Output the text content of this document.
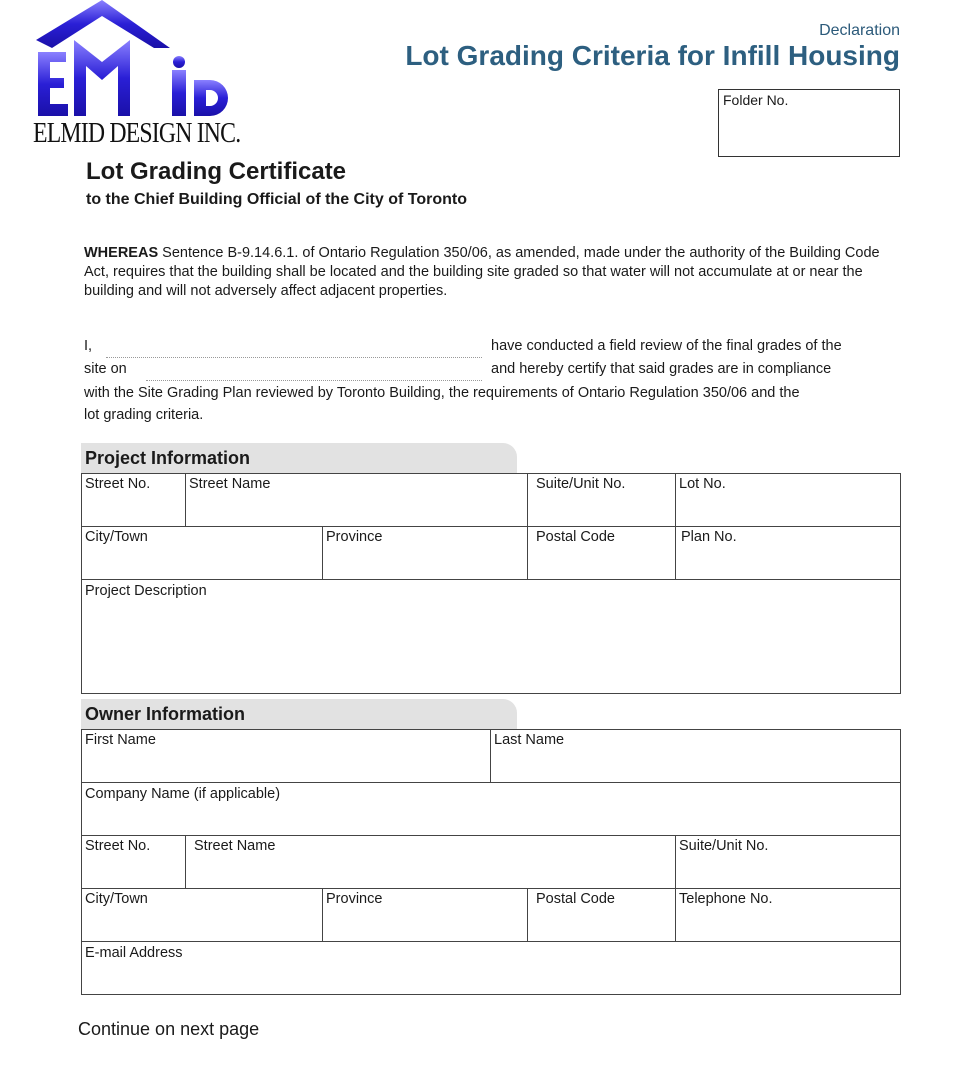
ELMID DESIGN INC.
Declaration
Lot Grading Criteria for Infill Housing
Folder No.
Lot Grading Certificate
to the Chief Building Official of the City of Toronto
WHEREAS Sentence B-9.14.6.1. of Ontario Regulation 350/06, as amended, made under the authority of the Building Code Act, requires that the building shall be located and the building site graded so that water will not accumulate at or near the building and will not adversely affect adjacent properties.
I,	have conducted a field review of the final grades of the
site on	and hereby certify that said grades are in compliance
with the Site Grading Plan reviewed by Toronto Building, the requirements of Ontario Regulation 350/06 and the
lot grading criteria.
Project Information
Street No.	Street Name	Suite/Unit No.	Lot No.
City/Town	Province	Postal Code	Plan No.
Project Description
Owner Information
First Name	Last Name
Company Name (if applicable)
Street No.	Street Name	Suite/Unit No.
City/Town	Province	Postal Code	Telephone No.
E-mail Address
Continue on next page
